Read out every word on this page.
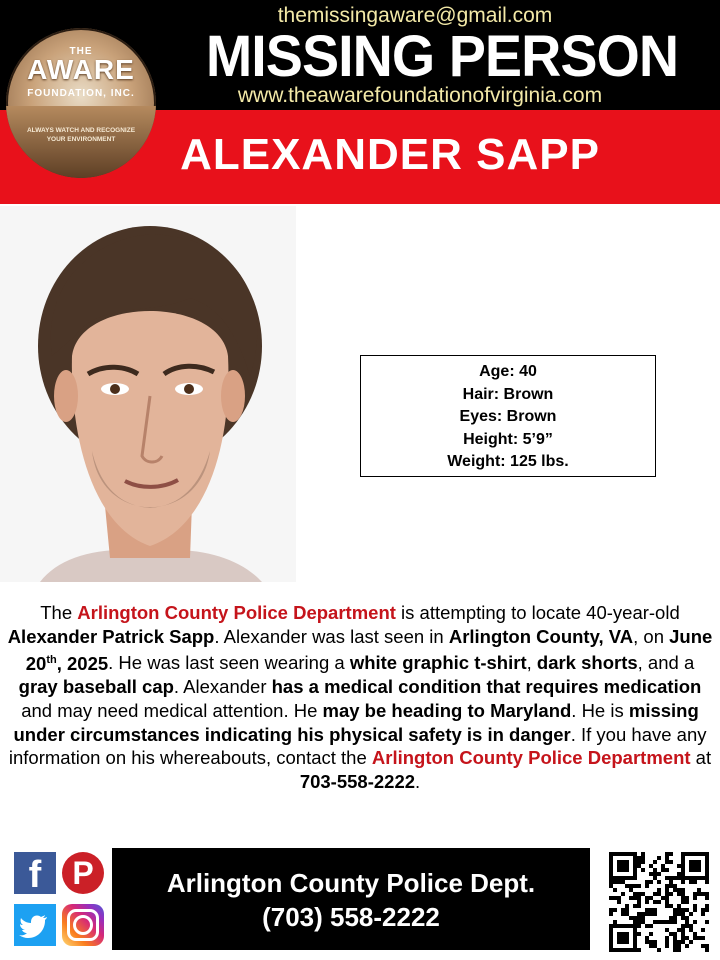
themissingaware@gmail.com
MISSING PERSON
www.theawarefoundationofvirginia.com
ALEXANDER SAPP
THE
AWARE
FOUNDATION, INC.
ALWAYS WATCH AND RECOGNIZE YOUR ENVIRONMENT
Age: 40
Hair: Brown
Eyes: Brown
Height: 5’9”
Weight: 125 lbs.
The Arlington County Police Department is attempting to locate 40-year-old Alexander Patrick Sapp. Alexander was last seen in Arlington County, VA, on June 20th, 2025. He was last seen wearing a white graphic t-shirt, dark shorts, and a gray baseball cap. Alexander has a medical condition that requires medication and may need medical attention. He may be heading to Maryland. He is missing under circumstances indicating his physical safety is in danger. If you have any information on his whereabouts, contact the Arlington County Police Department at 703-558-2222.
f P	Arlington County Police Dept.
(703) 558-2222
